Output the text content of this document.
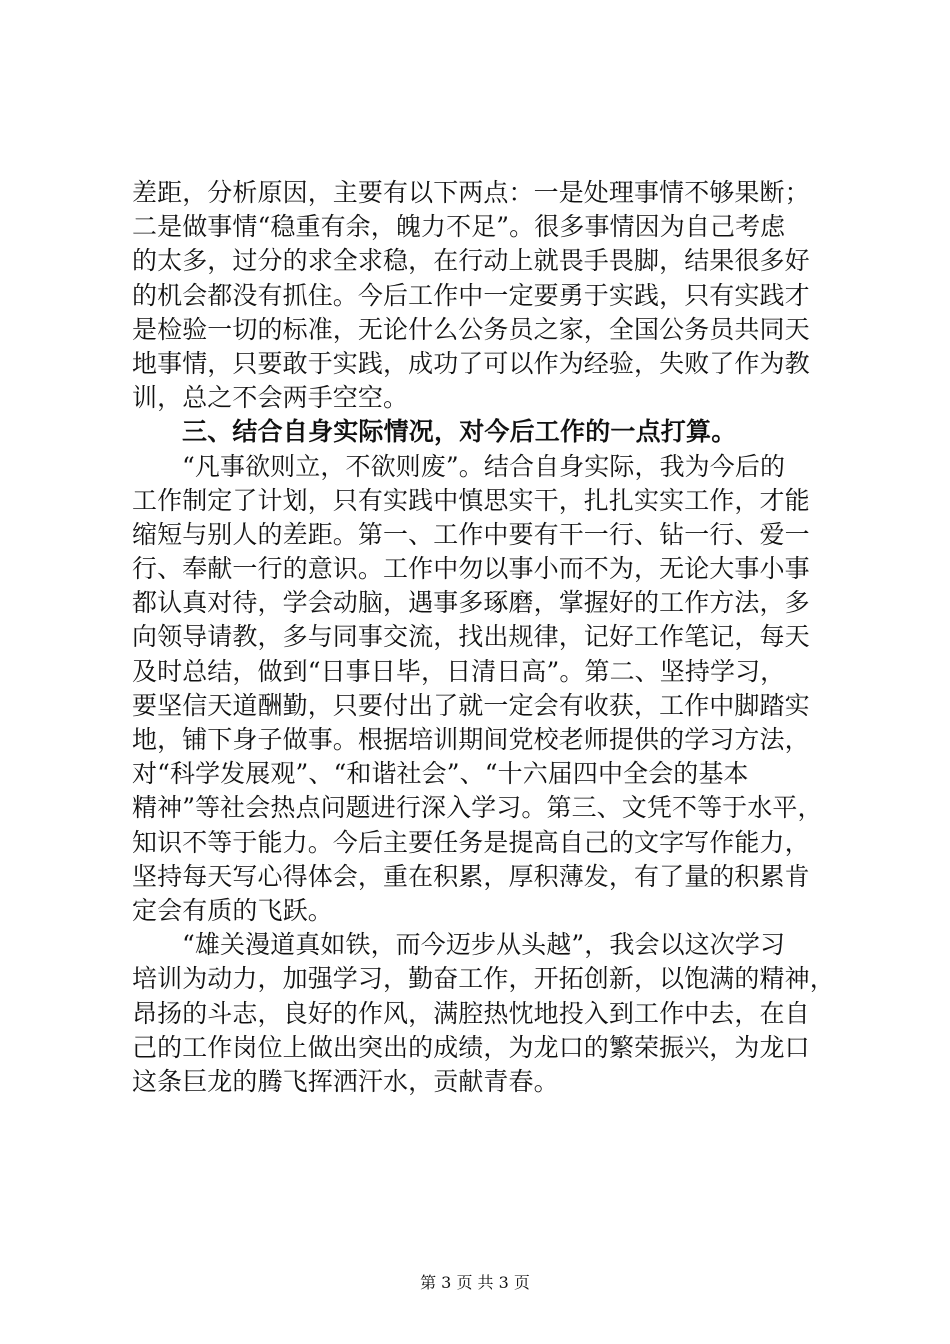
差距，分析原因，主要有以下两点：一是处理事情不够果断；
二是做事情“稳重有余，魄力不足”。很多事情因为自己考虑
的太多，过分的求全求稳，在行动上就畏手畏脚，结果很多好
的机会都没有抓住。今后工作中一定要勇于实践，只有实践才
是检验一切的标准，无论什么公务员之家，全国公务员共同天
地事情，只要敢于实践，成功了可以作为经验，失败了作为教
训，总之不会两手空空。
三、结合自身实际情况，对今后工作的一点打算。
“凡事欲则立，不欲则废”。结合自身实际，我为今后的
工作制定了计划，只有实践中慎思实干，扎扎实实工作，才能
缩短与别人的差距。第一、工作中要有干一行、钻一行、爱一
行、奉献一行的意识。工作中勿以事小而不为，无论大事小事
都认真对待，学会动脑，遇事多琢磨，掌握好的工作方法，多
向领导请教，多与同事交流，找出规律，记好工作笔记，每天
及时总结，做到“日事日毕，日清日高”。第二、坚持学习，
要坚信天道酬勤，只要付出了就一定会有收获，工作中脚踏实
地，铺下身子做事。根据培训期间党校老师提供的学习方法，
对“科学发展观”、“和谐社会”、“十六届四中全会的基本
精神”等社会热点问题进行深入学习。第三、文凭不等于水平，
知识不等于能力。今后主要任务是提高自己的文字写作能力，
坚持每天写心得体会，重在积累，厚积薄发，有了量的积累肯
定会有质的飞跃。
“雄关漫道真如铁，而今迈步从头越”，我会以这次学习
培训为动力，加强学习，勤奋工作，开拓创新，以饱满的精神，
昂扬的斗志，良好的作风，满腔热忱地投入到工作中去，在自
己的工作岗位上做出突出的成绩，为龙口的繁荣振兴，为龙口
这条巨龙的腾飞挥洒汗水，贡献青春。
第 3 页 共 3 页
